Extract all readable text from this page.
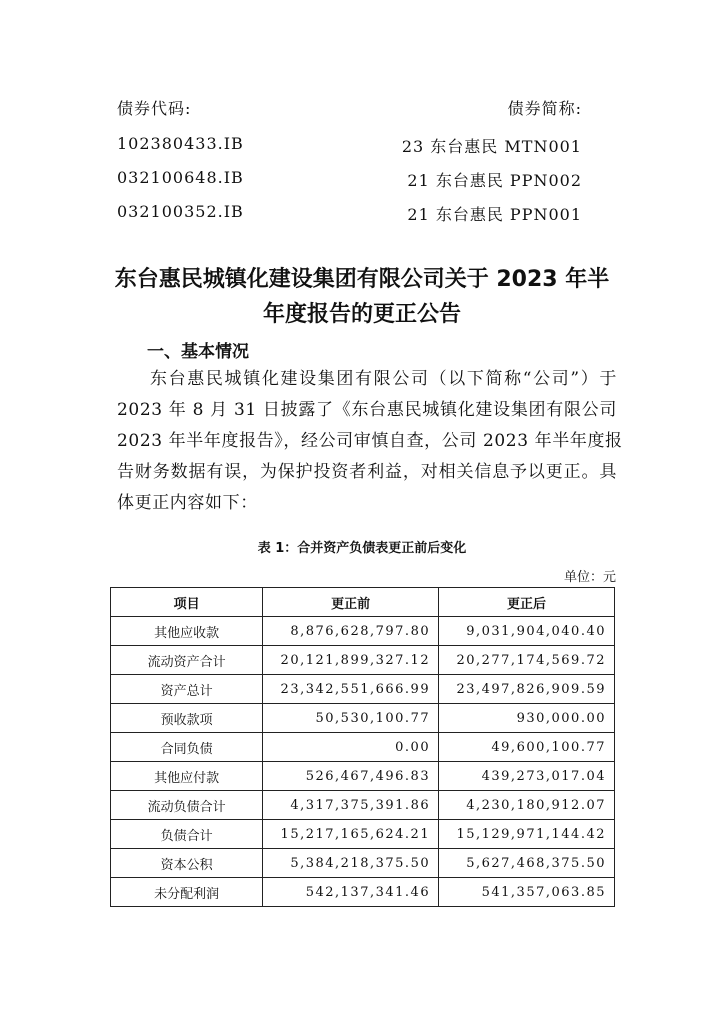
债券代码:	债券简称:
102380433.IB	23 东台惠民 MTN001
032100648.IB	21 东台惠民 PPN002
032100352.IB	21 东台惠民 PPN001
东台惠民城镇化建设集团有限公司关于 2023 年半
年度报告的更正公告
一、基本情况
东台惠民城镇化建设集团有限公司（以下简称“公司”）于
2023 年 8 月 31 日披露了《东台惠民城镇化建设集团有限公司
2023 年半年度报告》，经公司审慎自查，公司 2023 年半年度报
告财务数据有误，为保护投资者利益，对相关信息予以更正。具
体更正内容如下：
表 1：合并资产负债表更正前后变化
单位：元
项目	更正前	更正后
其他应收款	8,876,628,797.80	9,031,904,040.40
流动资产合计	20,121,899,327.12	20,277,174,569.72
资产总计	23,342,551,666.99	23,497,826,909.59
预收款项	50,530,100.77	930,000.00
合同负债	0.00	49,600,100.77
其他应付款	526,467,496.83	439,273,017.04
流动负债合计	4,317,375,391.86	4,230,180,912.07
负债合计	15,217,165,624.21	15,129,971,144.42
资本公积	5,384,218,375.50	5,627,468,375.50
未分配利润	542,137,341.46	541,357,063.85
